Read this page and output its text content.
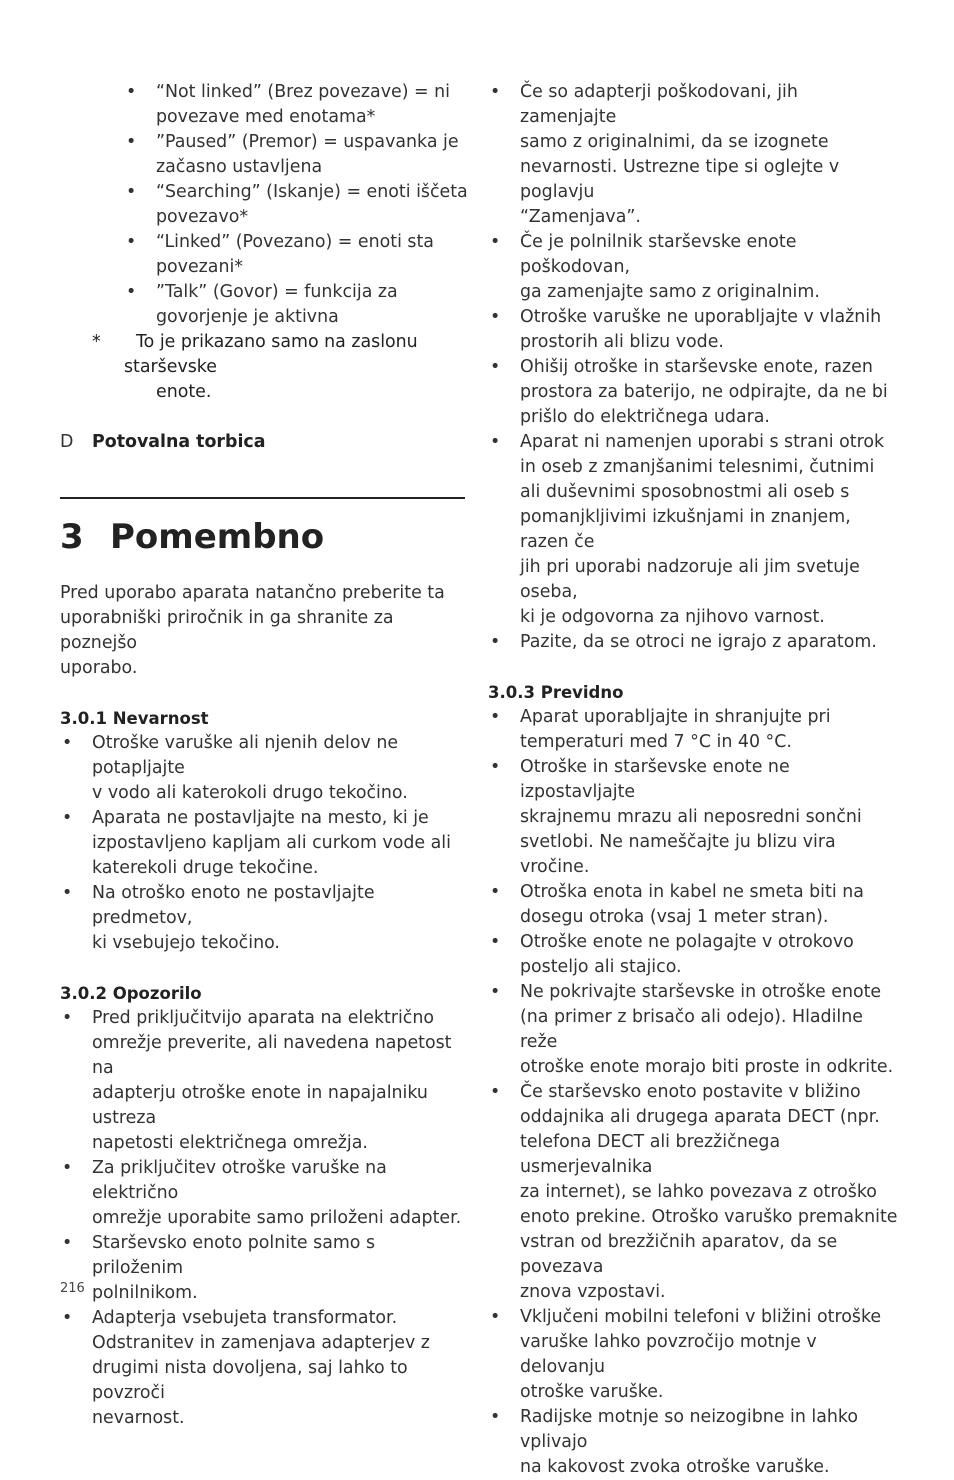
• “Not linked” (Brez povezave) = ni
povezave med enotama*
• ”Paused” (Premor) = uspavanka je
začasno ustavljena
• “Searching” (Iskanje) = enoti iščeta
povezavo*
• “Linked” (Povezano) = enoti sta
povezani*
• ”Talk” (Govor) = funkcija za
govorjenje je aktivna
* To je prikazano samo na zaslonu starševske

enote.
D	Potovalna torbica
3 Pomembno
Pred uporabo aparata natančno preberite ta
uporabniški priročnik in ga shranite za poznejšo
uporabo.
3.0.1 Nevarnost
• Otroške varuške ali njenih delov ne potapljajte
v vodo ali katerokoli drugo tekočino.
• Aparata ne postavljajte na mesto, ki je
izpostavljeno kapljam ali curkom vode ali
katerekoli druge tekočine.
• Na otroško enoto ne postavljajte predmetov,
ki vsebujejo tekočino.
3.0.2 Opozorilo
• Pred priključitvijo aparata na električno
omrežje preverite, ali navedena napetost na
adapterju otroške enote in napajalniku ustreza
napetosti električnega omrežja.
• Za priključitev otroške varuške na električno
omrežje uporabite samo priloženi adapter.
• Starševsko enoto polnite samo s priloženim
polnilnikom.
• Adapterja vsebujeta transformator.
Odstranitev in zamenjava adapterjev z
drugimi nista dovoljena, saj lahko to povzroči
nevarnost.
• Če so adapterji poškodovani, jih zamenjajte
samo z originalnimi, da se izognete
nevarnosti. Ustrezne tipe si oglejte v poglavju
“Zamenjava”.
• Če je polnilnik starševske enote poškodovan,
ga zamenjajte samo z originalnim.
• Otroške varuške ne uporabljajte v vlažnih
prostorih ali blizu vode.
• Ohišij otroške in starševske enote, razen
prostora za baterijo, ne odpirajte, da ne bi
prišlo do električnega udara.
• Aparat ni namenjen uporabi s strani otrok
in oseb z zmanjšanimi telesnimi, čutnimi
ali duševnimi sposobnostmi ali oseb s
pomanjkljivimi izkušnjami in znanjem, razen če
jih pri uporabi nadzoruje ali jim svetuje oseba,
ki je odgovorna za njihovo varnost.
• Pazite, da se otroci ne igrajo z aparatom.
3.0.3 Previdno
• Aparat uporabljajte in shranjujte pri
temperaturi med 7 °C in 40 °C.
• Otroške in starševske enote ne izpostavljajte
skrajnemu mrazu ali neposredni sončni
svetlobi. Ne nameščajte ju blizu vira vročine.
• Otroška enota in kabel ne smeta biti na
dosegu otroka (vsaj 1 meter stran).
• Otroške enote ne polagajte v otrokovo
posteljo ali stajico.
• Ne pokrivajte starševske in otroške enote
(na primer z brisačo ali odejo). Hladilne reže
otroške enote morajo biti proste in odkrite.
• Če starševsko enoto postavite v bližino
oddajnika ali drugega aparata DECT (npr.
telefona DECT ali brezžičnega usmerjevalnika
za internet), se lahko povezava z otroško
enoto prekine. Otroško varuško premaknite
vstran od brezžičnih aparatov, da se povezava
znova vzpostavi.
• Vključeni mobilni telefoni v bližini otroške
varuške lahko povzročijo motnje v delovanju
otroške varuške.
• Radijske motnje so neizogibne in lahko vplivajo
na kakovost zvoka otroške varuške.
216
